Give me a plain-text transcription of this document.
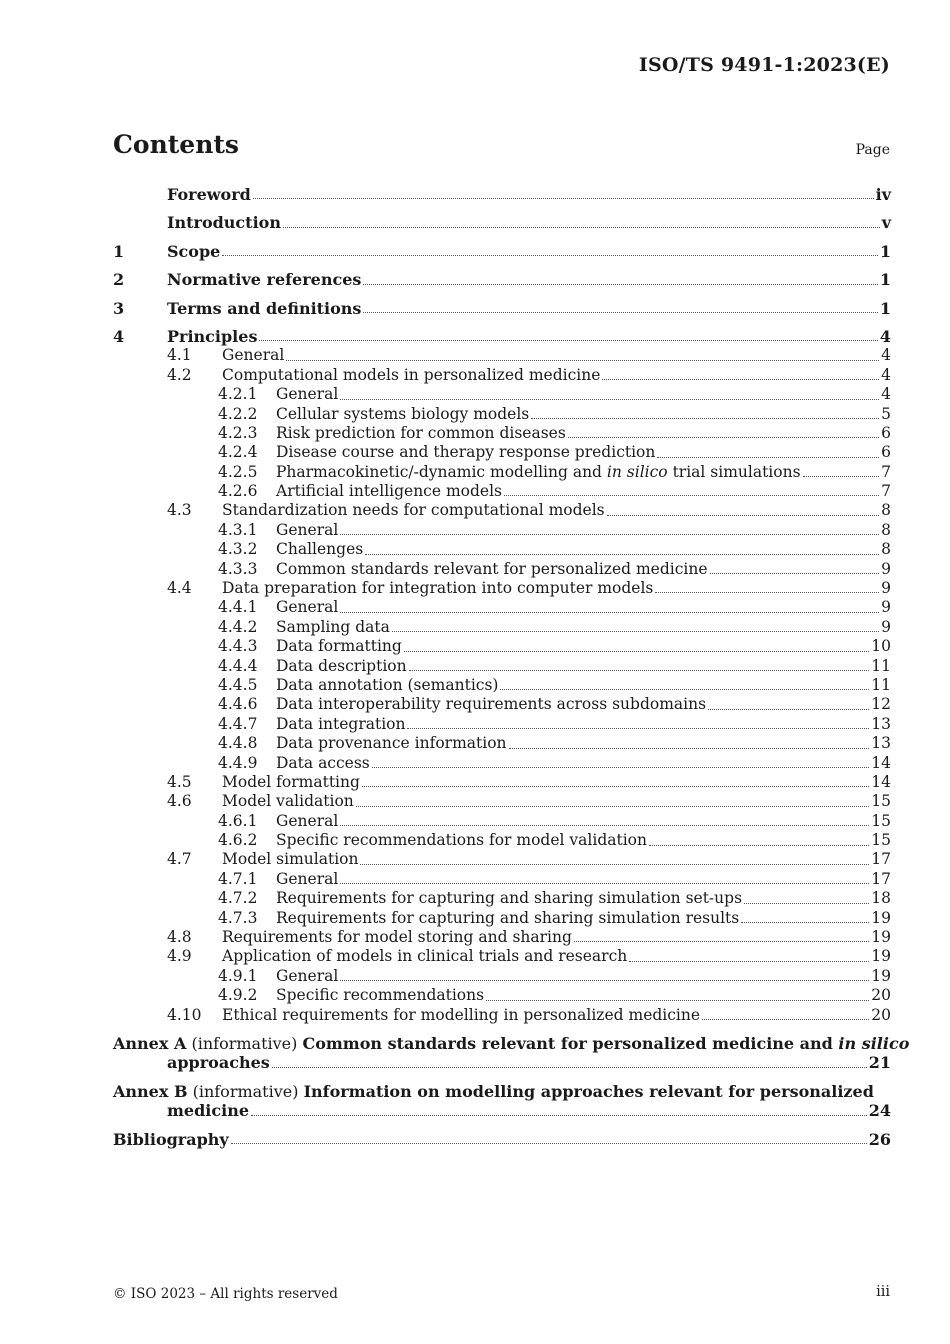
ISO/TS 9491-1:2023(E)
Contents	Page
Foreword	iv
Introduction	v
1	Scope	1
2	Normative references	1
3	Terms and definitions	1
4	Principles	4
4.1	General	4
4.2	Computational models in personalized medicine	4
4.2.1	General	4
4.2.2	Cellular systems biology models	5
4.2.3	Risk prediction for common diseases	6
4.2.4	Disease course and therapy response prediction	6
4.2.5	Pharmacokinetic/-dynamic modelling and in silico trial simulations	7
4.2.6	Artificial intelligence models	7
4.3	Standardization needs for computational models	8
4.3.1	General	8
4.3.2	Challenges	8
4.3.3	Common standards relevant for personalized medicine	9
4.4	Data preparation for integration into computer models	9
4.4.1	General	9
4.4.2	Sampling data	9
4.4.3	Data formatting	10
4.4.4	Data description	11
4.4.5	Data annotation (semantics)	11
4.4.6	Data interoperability requirements across subdomains	12
4.4.7	Data integration	13
4.4.8	Data provenance information	13
4.4.9	Data access	14
4.5	Model formatting	14
4.6	Model validation	15
4.6.1	General	15
4.6.2	Specific recommendations for model validation	15
4.7	Model simulation	17
4.7.1	General	17
4.7.2	Requirements for capturing and sharing simulation set-ups	18
4.7.3	Requirements for capturing and sharing simulation results	19
4.8	Requirements for model storing and sharing	19
4.9	Application of models in clinical trials and research	19
4.9.1	General	19
4.9.2	Specific recommendations	20
4.10	Ethical requirements for modelling in personalized medicine	20
Annex A (informative) Common standards relevant for personalized medicine and in silico
approaches	21
Annex B (informative) Information on modelling approaches relevant for personalized
medicine	24
Bibliography	26
© ISO 2023 – All rights reserved	iii
